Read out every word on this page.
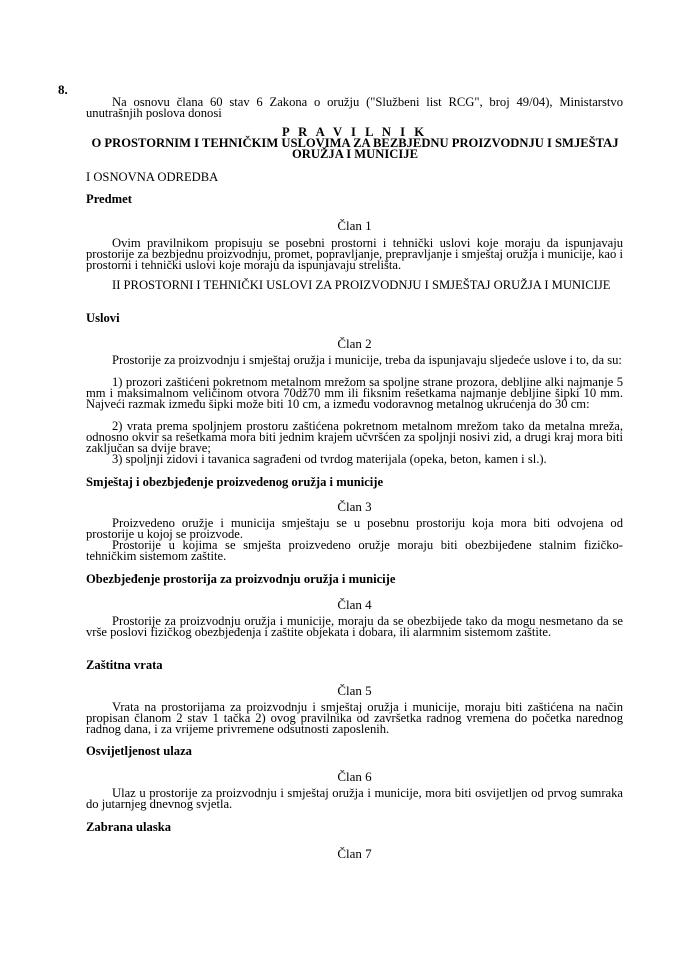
8.

Na osnovu člana 60 stav 6 Zakona o oružju ("Službeni list RCG", broj 49/04), Ministarstvo unutrašnjih poslova donosi

P R A V I L N I K

O PROSTORNIM I TEHNIČKIM USLOVIMA ZA BEZBJEDNU PROIZVODNJU I SMJEŠTAJ ORUŽJA I MUNICIJE

I OSNOVNA ODREDBA

Predmet

Član 1

Ovim pravilnikom propisuju se posebni prostorni i tehnički uslovi koje moraju da ispunjavaju prostorije za bezbjednu proizvodnju, promet, popravljanje, prepravljanje i smještaj oružja i municije, kao i prostorni i tehnički uslovi koje moraju da ispunjavaju strelišta.

II PROSTORNI I TEHNIČKI USLOVI ZA PROIZVODNJU I SMJEŠTAJ ORUŽJA I MUNICIJE

Uslovi

Član 2

Prostorije za proizvodnju i smještaj oružja i municije, treba da ispunjavaju sljedeće uslove i to, da su:

1) prozori zaštićeni pokretnom metalnom mrežom sa spoljne strane prozora, debljine alki najmanje 5 mm i maksimalnom veličinom otvora 70dž70 mm ili fiksnim rešetkama najmanje debljine šipki 10 mm. Najveći razmak između šipki može biti 10 cm, a između vodoravnog metalnog ukrućenja do 30 cm:

2) vrata prema spoljnjem prostoru zaštićena pokretnom metalnom mrežom tako da metalna mreža, odnosno okvir sa rešetkama mora biti jednim krajem učvršćen za spoljnji nosivi zid, a drugi kraj mora biti zaključan sa dvije brave;

3) spoljnji zidovi i tavanica sagrađeni od tvrdog materijala (opeka, beton, kamen i sl.).

Smještaj i obezbjeđenje proizvedenog oružja i municije

Član 3

Proizvedeno oružje i municija smještaju se u posebnu prostoriju koja mora biti odvojena od prostorije u kojoj se proizvode.

Prostorije u kojima se smješta proizvedeno oružje moraju biti obezbijeđene stalnim fizičko-tehničkim sistemom zaštite.

Obezbjeđenje prostorija za proizvodnju oružja i municije

Član 4

Prostorije za proizvodnju oružja i municije, moraju da se obezbijede tako da mogu nesmetano da se vrše poslovi fizičkog obezbjeđenja i zaštite objekata i dobara, ili alarmnim sistemom zaštite.

Zaštitna vrata

Član 5

Vrata na prostorijama za proizvodnju i smještaj oružja i municije, moraju biti zaštićena na način propisan članom 2 stav 1 tačka 2) ovog pravilnika od završetka radnog vremena do početka narednog radnog dana, i za vrijeme privremene odsutnosti zaposlenih.

Osvijetljenost ulaza

Član 6

Ulaz u prostorije za proizvodnju i smještaj oružja i municije, mora biti osvijetljen od prvog sumraka do jutarnjeg dnevnog svjetla.

Zabrana ulaska

Član 7
